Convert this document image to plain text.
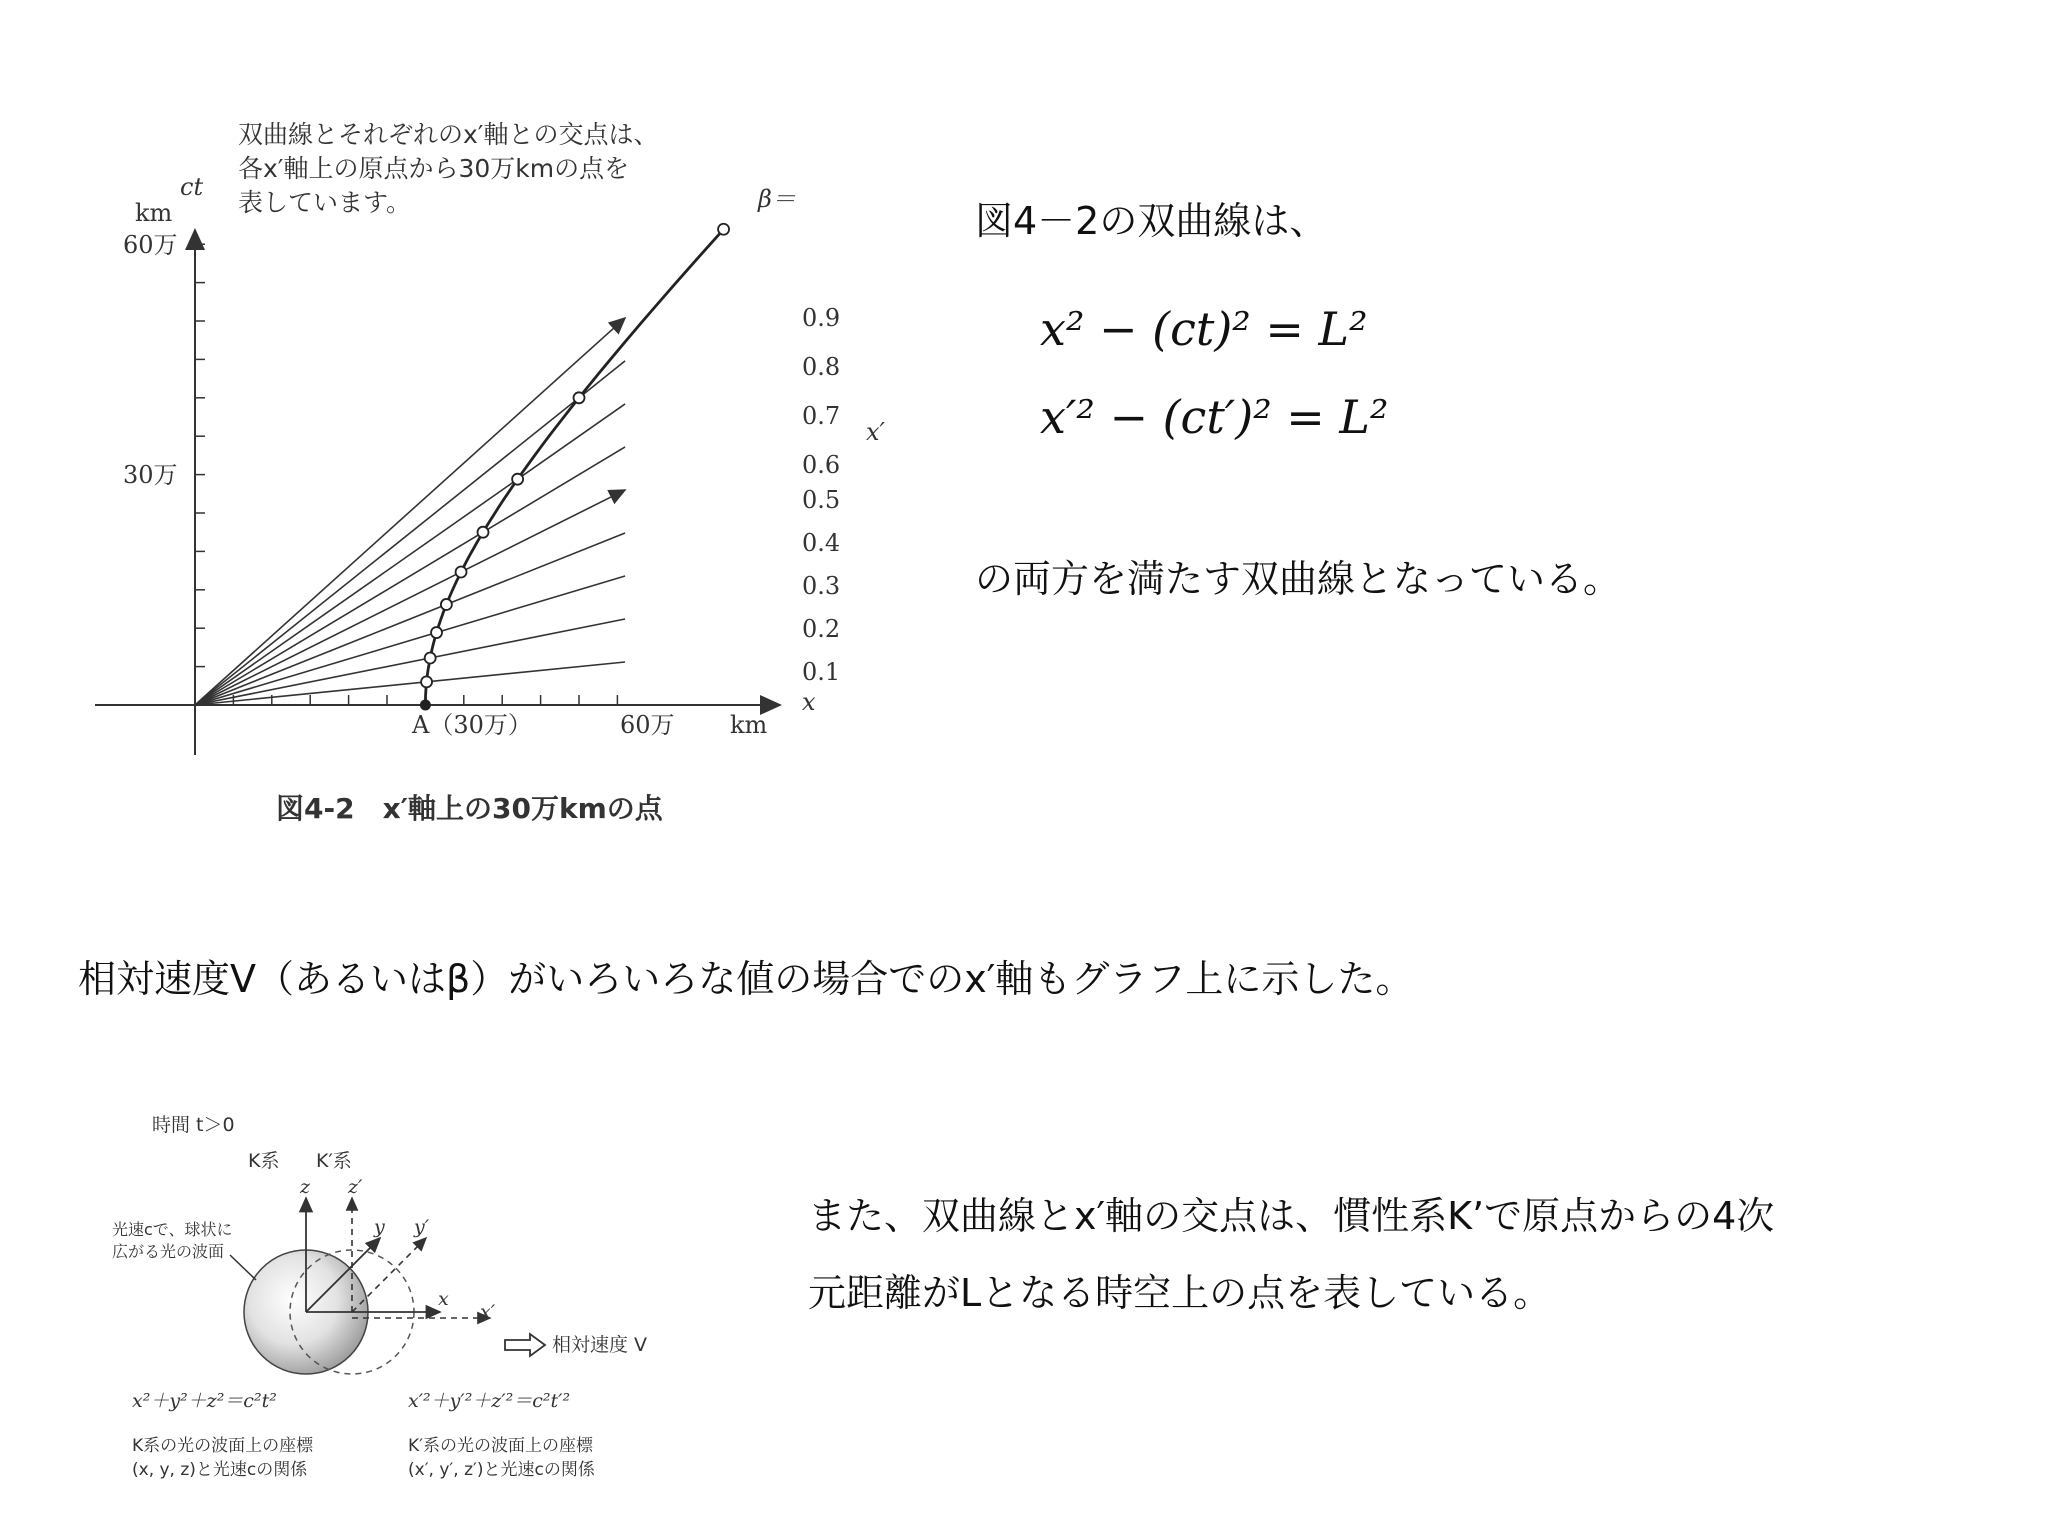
双曲線とそれぞれのx′軸との交点は、
各x′軸上の原点から30万kmの点を
表しています。
ct
km
60万
30万
A（30万）	60万 km
x
x′
β＝
図4-2　x′軸上の30万kmの点
0.9
0.8
0.7
0.6
0.5
0.4
0.3
0.2
0.1
図4－2の双曲線は、
x² − (ct)² = L²
x′² − (ct′)² = L²
の両方を満たす双曲線となっている。
相対速度V（あるいはβ）がいろいろな値の場合でのx′軸もグラフ上に示した。
時間 t＞0
K系 K′系
z z′
y y′
x
x′
光速cで、球状に
広がる光の波面
相対速度 V
x²＋y²＋z²＝c²t²	x′²＋y′²＋z′²＝c²t′²
K系の光の波面上の座標
(x, y, z)と光速cの関係
K′系の光の波面上の座標
(x′, y′, z′)と光速cの関係
また、双曲線とx′軸の交点は、慣性系K’で原点からの4次
元距離がLとなる時空上の点を表している。
